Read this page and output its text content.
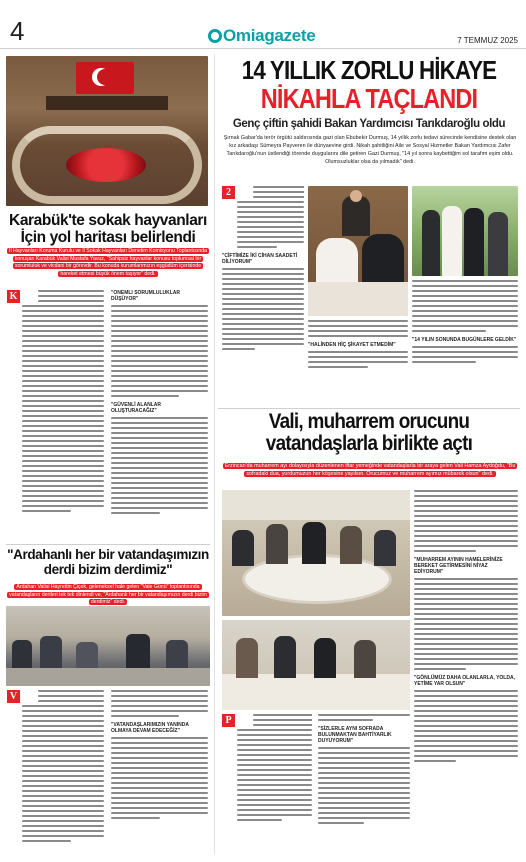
4	Omiagazete	7 TEMMUZ 2025
Karabük'te sokak hayvanları İçin yol haritası belirlendi
İl Hayvanları Koruma Kurulu ve İl Sokak Hayvanları Denetim Komisyonu Toplantısında konuşan Karabük Valisi Mustafa Yavuz, "Sahipsiz hayvanlar konusu toplumsal bir sorumluluk ve vicdani bir görevdir. Bu konuda kurumlarımızın eşgüdüm içerisinde hareket etmesi büyük önem taşıyor" dedi.
K	"ÖNEMLİ SORUMLULUKLAR DÜŞÜYOR"
"GÜVENLİ ALANLAR OLUŞTURACAĞIZ"
"Ardahanlı her bir vatandaşımızın derdi bizim derdimiz"
Ardahan Valisi Hayrettin Çiçek, geleneksel hale gelen "Vale Günü" toplantısında vatandaşların dertleri tek tek dinlendi ve, "Ardahanlı her bir vatandaşımızın derdi bizim derdimiz" dedi.
V
"VATANDAŞLARIMIZIN YANINDA OLMAYA DEVAM EDECEĞİZ"
14 YILLIK ZORLU HİKAYE
NİKAHLA TAÇLANDI
Genç çiftin şahidi Bakan Yardımcısı Tarıkdaroğlu oldu
Şırnak Gabar'da terör örgütü saldırısında gazi olan Ebubekir Durmuş, 14 yıllık zorlu tedavi sürecinde kendisine destek olan kız arkadaşı Sümeyra Payveren ile dünyaevine girdi. Nikah şahitliğini Aile ve Sosyal Hizmetler Bakan Yardımcısı Zafer Tarıkdaroğlu'nun üstlendiği törende duygularını dile getiren Gazi Durmuş, "14 yıl sonra kaybettiğim sol tarafım eşim oldu. Olumsuzluklar olsa da yılmadık" dedi.
2
"CİFTİMİZE İKİ CİHAN SAADETİ DİLİYORUM"
"HALİNDEN HİÇ ŞİKAYET ETMEDİM"
"14 YILIN SONUNDA BUGÜNLERE GELDİK"
Vali, muharrem orucunu
vatandaşlarla birlikte açtı
Erzincan'da muharrem ayı dolayısıyla düzenlenen iftar yemeğinde vatandaşlarla bir araya gelen Vali Hamza Aydoğdu, "Bu sofradaki dua, yurdumuzun her köşesine yayılsın. Orucumuz ve muharrem ayımız mübarek olsun" dedi.
"MUHARREM AYININ HAMELERİNİZE BEREKET GETİRMESİNİ NİYAZ EDİYORUM"
"GÖNLÜMÜZ DAHA OLANLARLA, YOLDA, YETİME YAR OLSUN"
P
"SİZLERLE AYNI SOFRADA BULUNMAKTAN BAHTİYARLIK DUYUYORUM"
